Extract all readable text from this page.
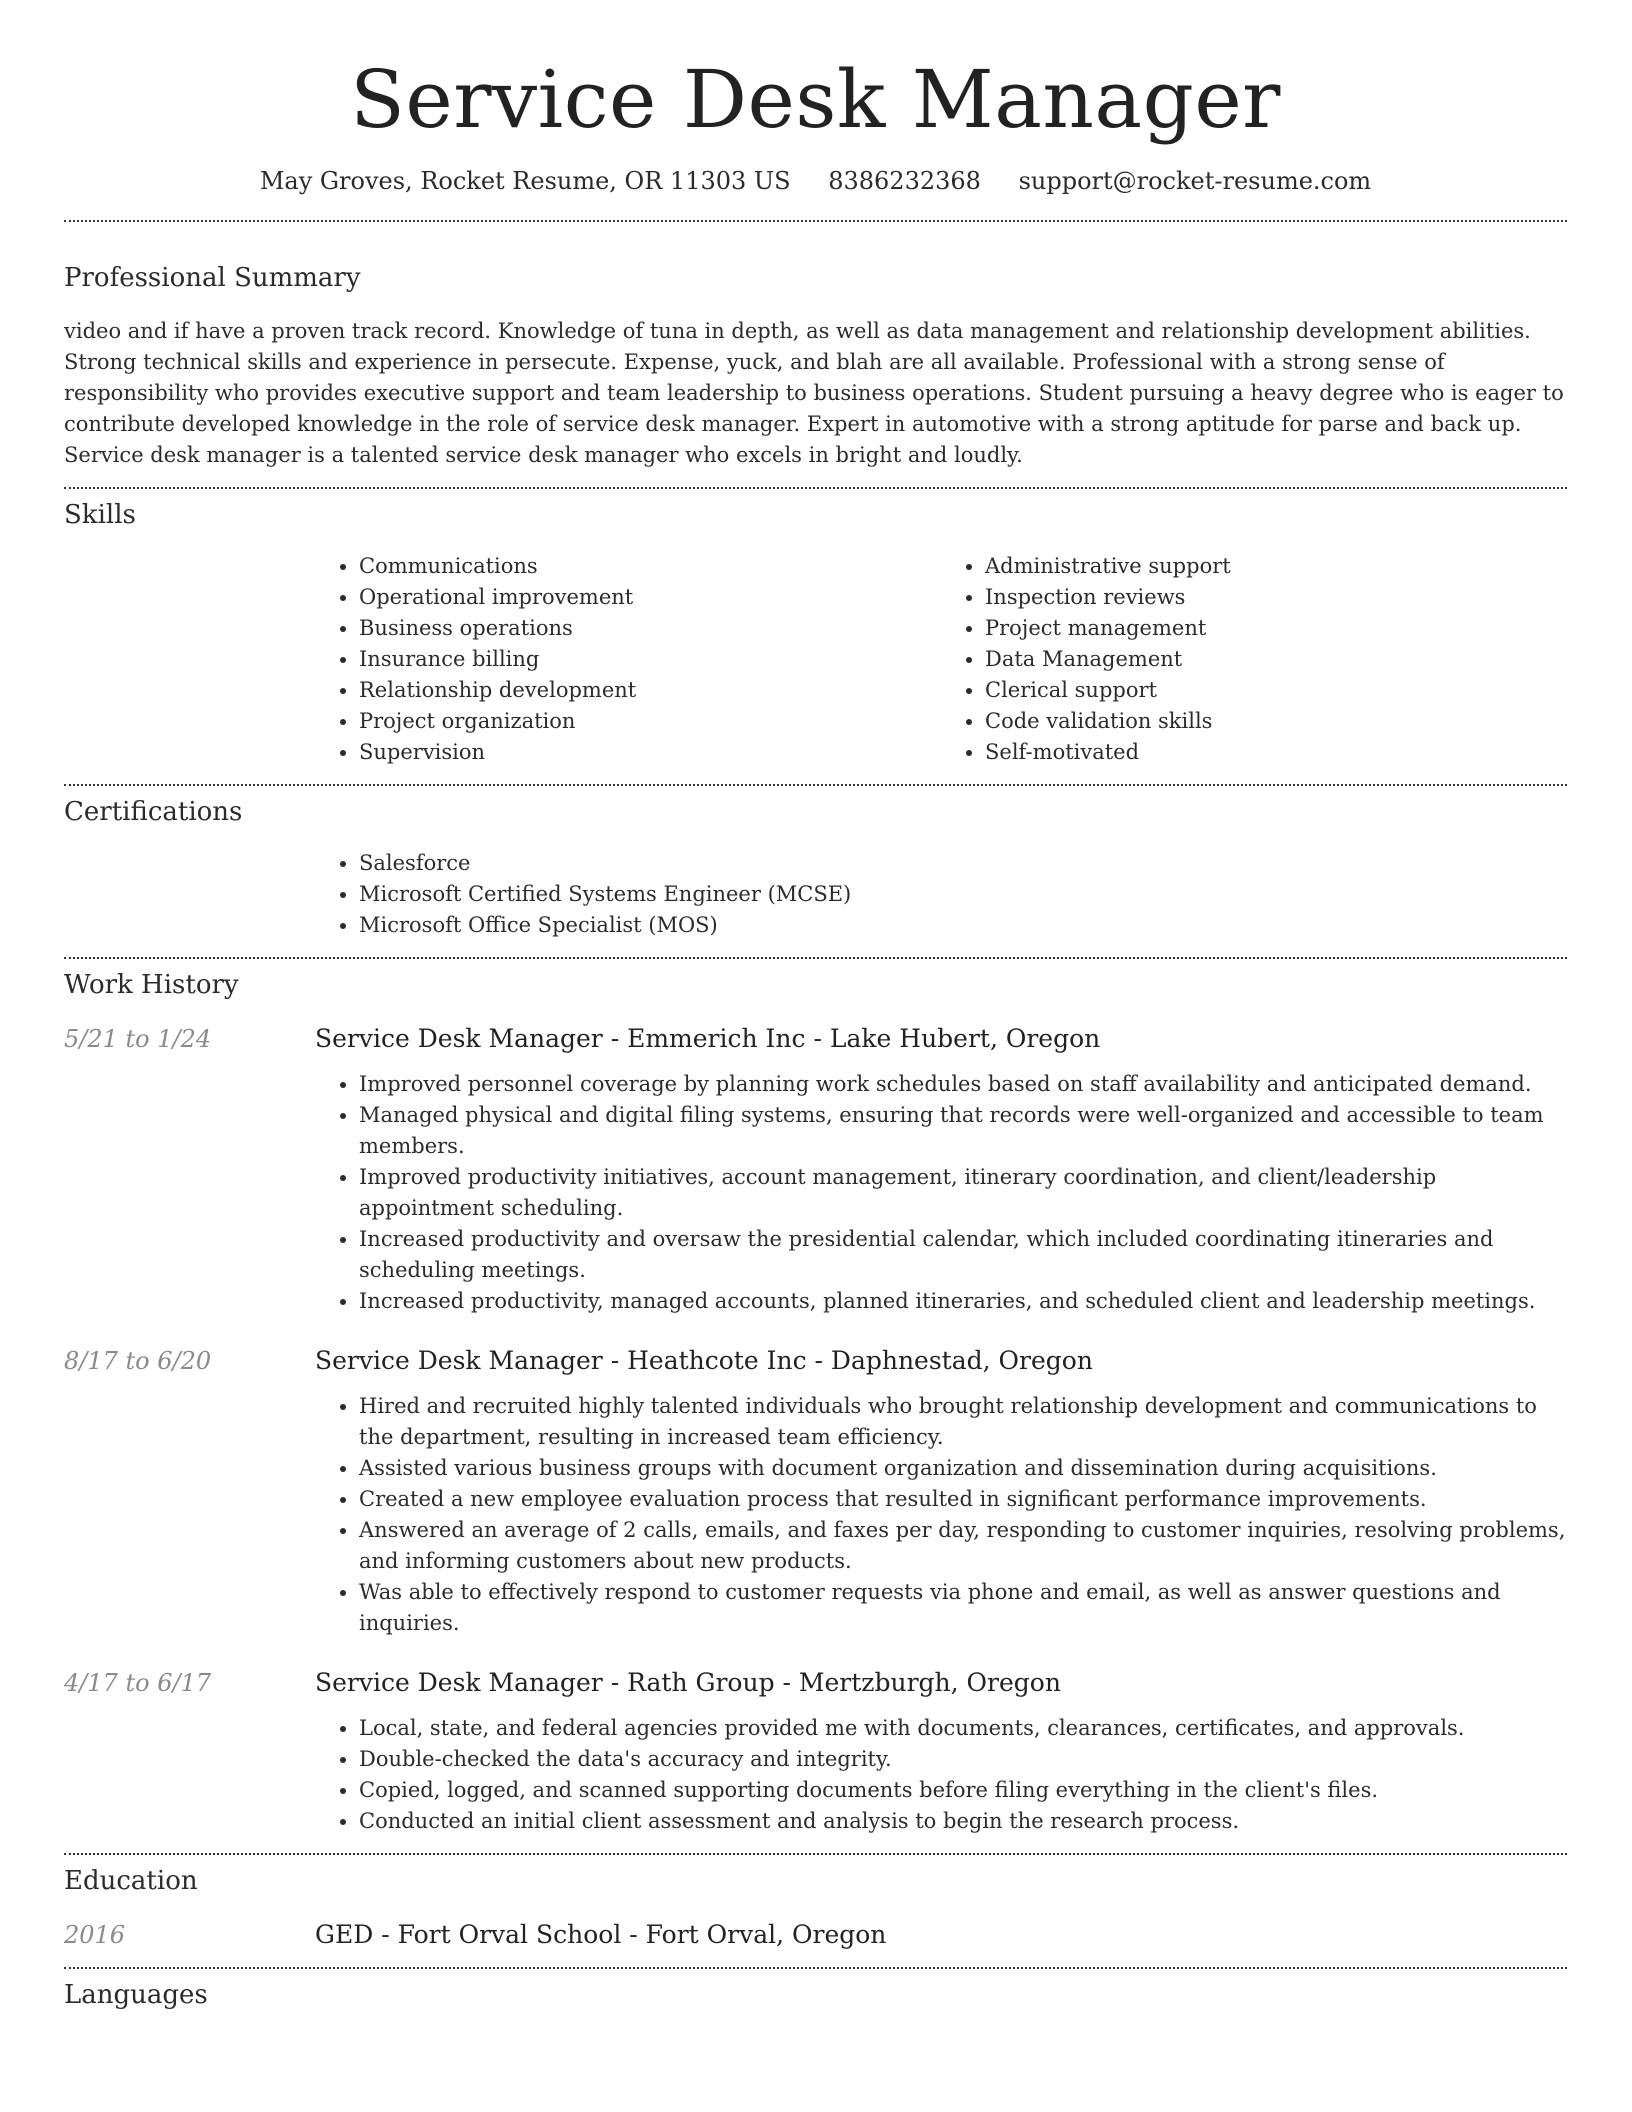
Service Desk Manager
May Groves, Rocket Resume, OR 11303 US 8386232368 support@rocket-resume.com
Professional Summary

video and if have a proven track record. Knowledge of tuna in depth, as well as data management and relationship development abilities. Strong technical skills and experience in persecute. Expense, yuck, and blah are all available. Professional with a strong sense of responsibility who provides executive support and team leadership to business operations. Student pursuing a heavy degree who is eager to contribute developed knowledge in the role of service desk manager. Expert in automotive with a strong aptitude for parse and back up. Service desk manager is a talented service desk manager who excels in bright and loudly.

Skills
• Communications
• Operational improvement
• Business operations
• Insurance billing
• Relationship development
• Project organization
• Supervision
• Administrative support
• Inspection reviews
• Project management
• Data Management
• Clerical support
• Code validation skills
• Self-motivated
Certifications
• Salesforce
• Microsoft Certified Systems Engineer (MCSE)
• Microsoft Office Specialist (MOS)
Work History
5/21 to 1/24	Service Desk Manager - Emmerich Inc - Lake Hubert, Oregon
• Improved personnel coverage by planning work schedules based on staff availability and anticipated demand.
• Managed physical and digital filing systems, ensuring that records were well-organized and accessible to team members.
• Improved productivity initiatives, account management, itinerary coordination, and client/leadership appointment scheduling.
• Increased productivity and oversaw the presidential calendar, which included coordinating itineraries and scheduling meetings.
• Increased productivity, managed accounts, planned itineraries, and scheduled client and leadership meetings.
8/17 to 6/20	Service Desk Manager - Heathcote Inc - Daphnestad, Oregon
• Hired and recruited highly talented individuals who brought relationship development and communications to the department, resulting in increased team efficiency.
• Assisted various business groups with document organization and dissemination during acquisitions.
• Created a new employee evaluation process that resulted in significant performance improvements.
• Answered an average of 2 calls, emails, and faxes per day, responding to customer inquiries, resolving problems, and informing customers about new products.
• Was able to effectively respond to customer requests via phone and email, as well as answer questions and inquiries.
4/17 to 6/17	Service Desk Manager - Rath Group - Mertzburgh, Oregon
• Local, state, and federal agencies provided me with documents, clearances, certificates, and approvals.
• Double-checked the data's accuracy and integrity.
• Copied, logged, and scanned supporting documents before filing everything in the client's files.
• Conducted an initial client assessment and analysis to begin the research process.
Education
2016	GED - Fort Orval School - Fort Orval, Oregon
Languages
